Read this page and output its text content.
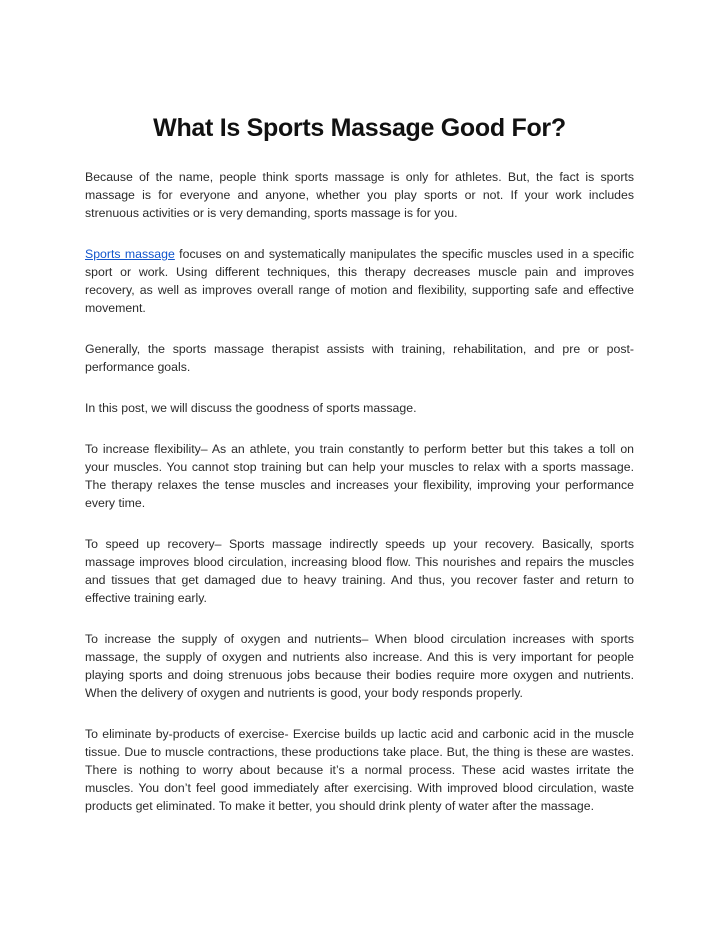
What Is Sports Massage Good For?

Because of the name, people think sports massage is only for athletes. But, the fact is sports massage is for everyone and anyone, whether you play sports or not. If your work includes strenuous activities or is very demanding, sports massage is for you.

Sports massage focuses on and systematically manipulates the specific muscles used in a specific sport or work. Using different techniques, this therapy decreases muscle pain and improves recovery, as well as improves overall range of motion and flexibility, supporting safe and effective movement.

Generally, the sports massage therapist assists with training, rehabilitation, and pre or post-performance goals.

In this post, we will discuss the goodness of sports massage.

To increase flexibility– As an athlete, you train constantly to perform better but this takes a toll on your muscles. You cannot stop training but can help your muscles to relax with a sports massage. The therapy relaxes the tense muscles and increases your flexibility, improving your performance every time.

To speed up recovery– Sports massage indirectly speeds up your recovery. Basically, sports massage improves blood circulation, increasing blood flow. This nourishes and repairs the muscles and tissues that get damaged due to heavy training. And thus, you recover faster and return to effective training early.

To increase the supply of oxygen and nutrients– When blood circulation increases with sports massage, the supply of oxygen and nutrients also increase. And this is very important for people playing sports and doing strenuous jobs because their bodies require more oxygen and nutrients. When the delivery of oxygen and nutrients is good, your body responds properly.

To eliminate by-products of exercise- Exercise builds up lactic acid and carbonic acid in the muscle tissue. Due to muscle contractions, these productions take place. But, the thing is these are wastes. There is nothing to worry about because it’s a normal process. These acid wastes irritate the muscles. You don’t feel good immediately after exercising. With improved blood circulation, waste products get eliminated. To make it better, you should drink plenty of water after the massage.
